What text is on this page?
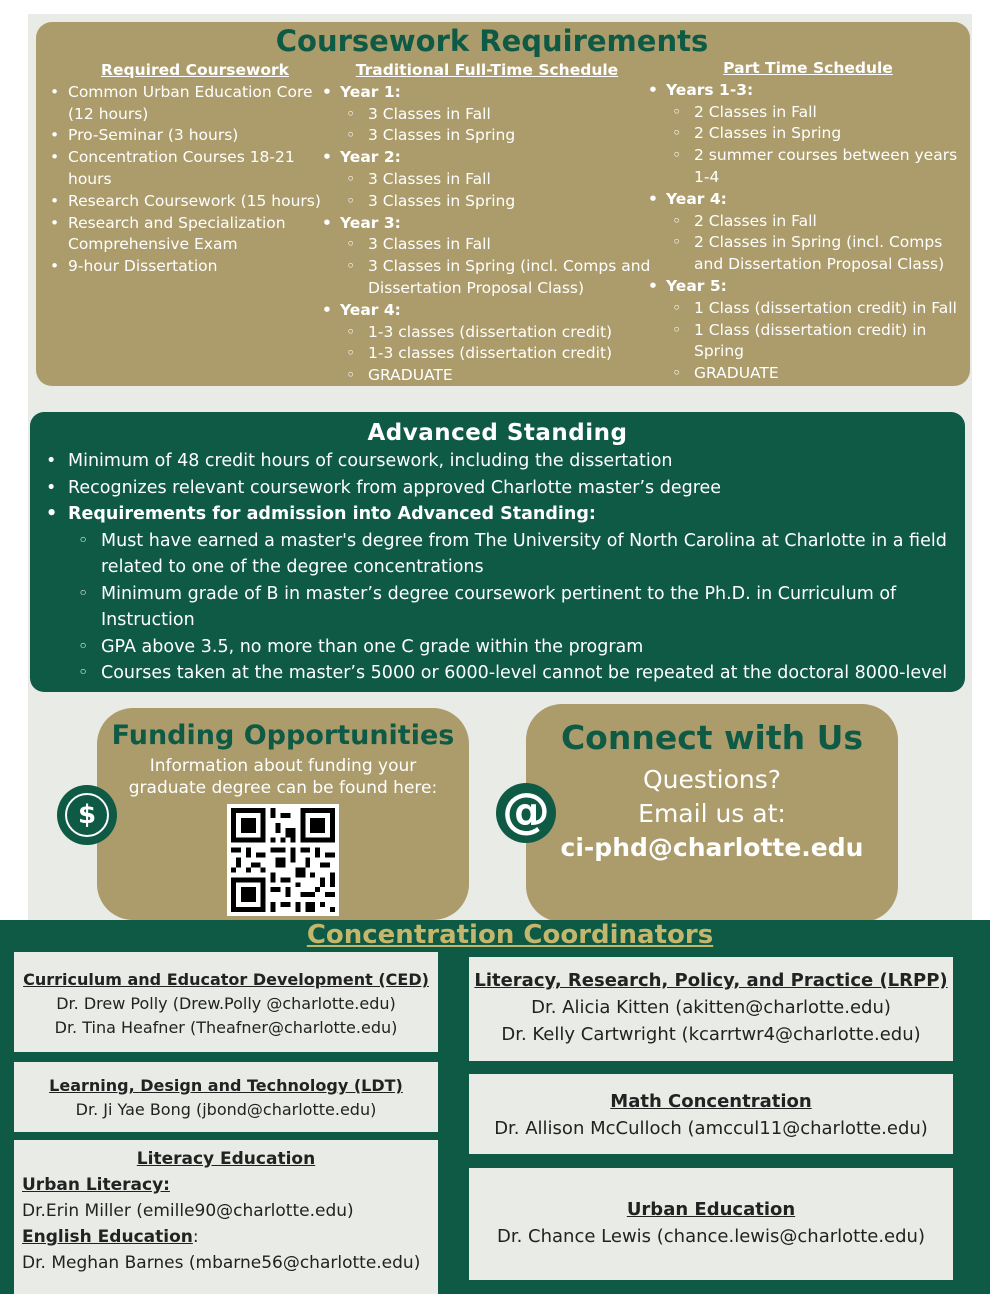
Coursework Requirements
Required Coursework
• Common Urban Education Core (12 hours)
• Pro-Seminar (3 hours)
• Concentration Courses 18-21 hours
• Research Coursework (15 hours)
• Research and Specialization Comprehensive Exam
• 9-hour Dissertation
Traditional Full-Time Schedule
• Year 1:
◦ 3 Classes in Fall
◦ 3 Classes in Spring
• Year 2:
◦ 3 Classes in Fall
◦ 3 Classes in Spring
• Year 3:
◦ 3 Classes in Fall
◦ 3 Classes in Spring (incl. Comps and Dissertation Proposal Class)
• Year 4:
◦ 1-3 classes (dissertation credit)
◦ 1-3 classes (dissertation credit)
◦ GRADUATE
Part Time Schedule
• Years 1-3:
◦ 2 Classes in Fall
◦ 2 Classes in Spring
◦ 2 summer courses between years 1-4
• Year 4:
◦ 2 Classes in Fall
◦ 2 Classes in Spring (incl. Comps and Dissertation Proposal Class)
• Year 5:
◦ 1 Class (dissertation credit) in Fall
◦ 1 Class (dissertation credit) in Spring
◦ GRADUATE
Advanced Standing
• Minimum of 48 credit hours of coursework, including the dissertation
• Recognizes relevant coursework from approved Charlotte master’s degree
• Requirements for admission into Advanced Standing:
◦ Must have earned a master's degree from The University of North Carolina at Charlotte in a field related to one of the degree concentrations
◦ Minimum grade of B in master’s degree coursework pertinent to the Ph.D. in Curriculum of Instruction
◦ GPA above 3.5, no more than one C grade within the program
◦ Courses taken at the master’s 5000 or 6000-level cannot be repeated at the doctoral 8000-level
Funding Opportunities

Information about funding your
graduate degree can be found here:

$
Connect with Us
Questions?
Email us at:
ci-phd@charlotte.edu
@
Concentration Coordinators
Curriculum and Educator Development (CED)
Dr. Drew Polly (Drew.Polly @charlotte.edu)
Dr. Tina Heafner (Theafner@charlotte.edu)
Learning, Design and Technology (LDT)
Dr. Ji Yae Bong (jbond@charlotte.edu)
Literacy Education
Urban Literacy:
Dr.Erin Miller (emille90@charlotte.edu)
English Education:
Dr. Meghan Barnes (mbarne56@charlotte.edu)
Literacy, Research, Policy, and Practice (LRPP)
Dr. Alicia Kitten (akitten@charlotte.edu)
Dr. Kelly Cartwright (kcarrtwr4@charlotte.edu)
Math Concentration
Dr. Allison McCulloch (amccul11@charlotte.edu)
Urban Education
Dr. Chance Lewis (chance.lewis@charlotte.edu)
